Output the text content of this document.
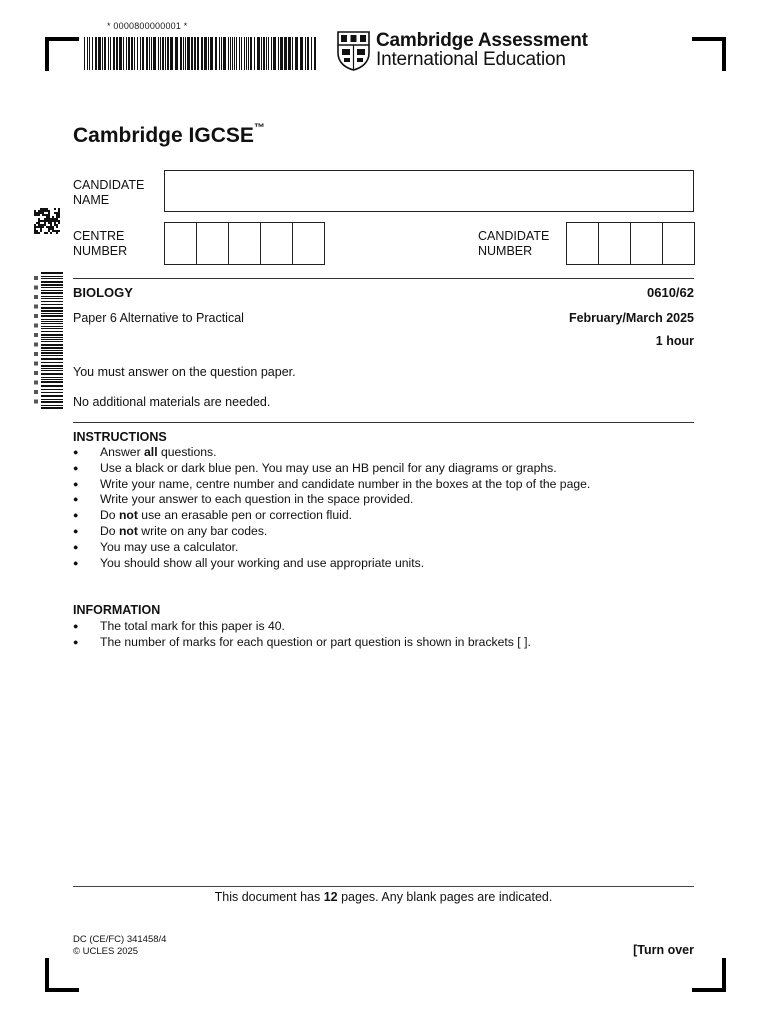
* 0000800000001 *
Cambridge Assessment
International Education
Cambridge IGCSE™
CANDIDATE
NAME
CENTRE
NUMBER
CANDIDATE
NUMBER
BIOLOGY	0610/62
Paper 6 Alternative to Practical	February/March 2025
1 hour
You must answer on the question paper.
No additional materials are needed.
INSTRUCTIONS
● Answer all questions.
● Use a black or dark blue pen. You may use an HB pencil for any diagrams or graphs.
● Write your name, centre number and candidate number in the boxes at the top of the page.
● Write your answer to each question in the space provided.
● Do not use an erasable pen or correction fluid.
● Do not write on any bar codes.
● You may use a calculator.
● You should show all your working and use appropriate units.
INFORMATION
● The total mark for this paper is 40.
● The number of marks for each question or part question is shown in brackets [ ].
This document has 12 pages. Any blank pages are indicated.
DC (CE/FC) 341458/4
© UCLES 2025	[Turn over
